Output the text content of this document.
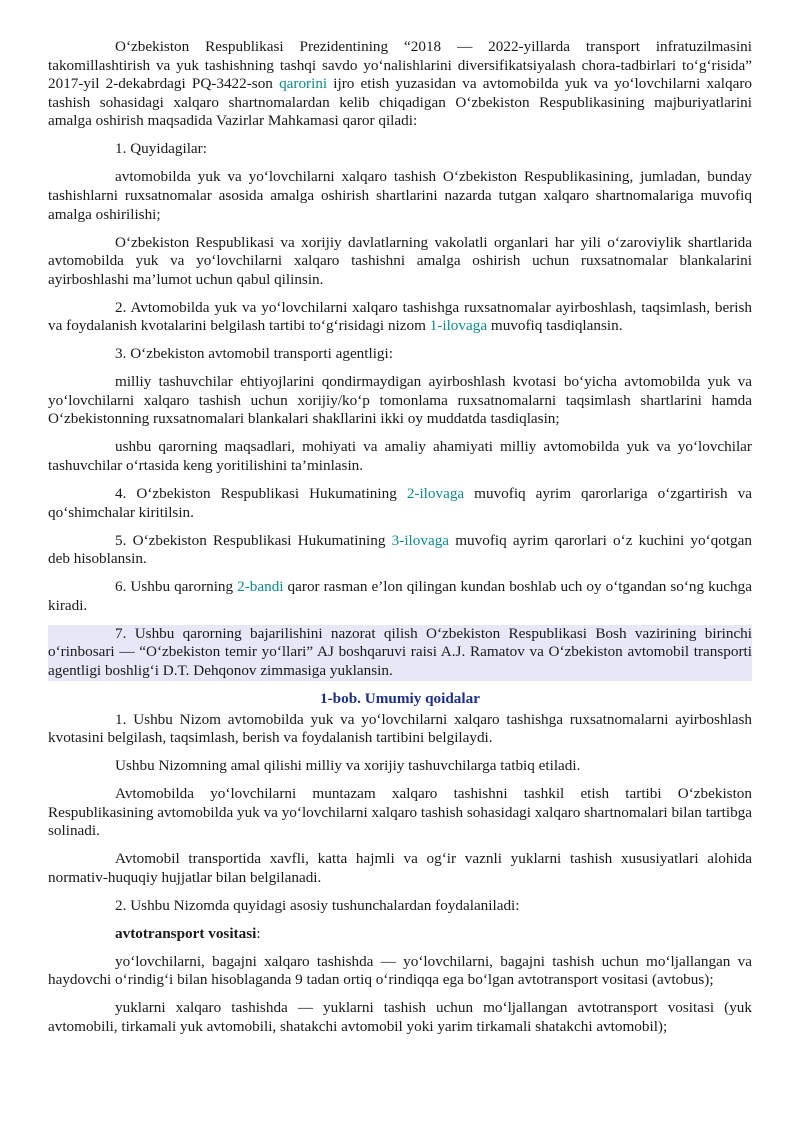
O‘zbekiston Respublikasi Prezidentining “2018 — 2022-yillarda transport infratuzilmasini takomillashtirish va yuk tashishning tashqi savdo yo‘nalishlarini diversifikatsiyalash chora-tadbirlari to‘g‘risida” 2017-yil 2-dekabrdagi PQ-3422-son qarorini ijro etish yuzasidan va avtomobilda yuk va yo‘lovchilarni xalqaro tashish sohasidagi xalqaro shartnomalardan kelib chiqadigan O‘zbekiston Respublikasining majburiyatlarini amalga oshirish maqsadida Vazirlar Mahkamasi qaror qiladi:

1. Quyidagilar:

avtomobilda yuk va yo‘lovchilarni xalqaro tashish O‘zbekiston Respublikasining, jumladan, bunday tashishlarni ruxsatnomalar asosida amalga oshirish shartlarini nazarda tutgan xalqaro shartnomalariga muvofiq amalga oshirilishi;

O‘zbekiston Respublikasi va xorijiy davlatlarning vakolatli organlari har yili o‘zaroviylik shartlarida avtomobilda yuk va yo‘lovchilarni xalqaro tashishni amalga oshirish uchun ruxsatnomalar blankalarini ayirboshlashi ma’lumot uchun qabul qilinsin.

2. Avtomobilda yuk va yo‘lovchilarni xalqaro tashishga ruxsatnomalar ayirboshlash, taqsimlash, berish va foydalanish kvotalarini belgilash tartibi to‘g‘risidagi nizom 1-ilovaga muvofiq tasdiqlansin.

3. O‘zbekiston avtomobil transporti agentligi:

milliy tashuvchilar ehtiyojlarini qondirmaydigan ayirboshlash kvotasi bo‘yicha avtomobilda yuk va yo‘lovchilarni xalqaro tashish uchun xorijiy/ko‘p tomonlama ruxsatnomalarni taqsimlash shartlarini hamda O‘zbekistonning ruxsatnomalari blankalari shakllarini ikki oy muddatda tasdiqlasin;

ushbu qarorning maqsadlari, mohiyati va amaliy ahamiyati milliy avtomobilda yuk va yo‘lovchilar tashuvchilar o‘rtasida keng yoritilishini ta’minlasin.

4. O‘zbekiston Respublikasi Hukumatining 2-ilovaga muvofiq ayrim qarorlariga o‘zgartirish va qo‘shimchalar kiritilsin.

5. O‘zbekiston Respublikasi Hukumatining 3-ilovaga muvofiq ayrim qarorlari o‘z kuchini yo‘qotgan deb hisoblansin.

6. Ushbu qarorning 2-bandi qaror rasman e’lon qilingan kundan boshlab uch oy o‘tgandan so‘ng kuchga kiradi.

7. Ushbu qarorning bajarilishini nazorat qilish O‘zbekiston Respublikasi Bosh vazirining birinchi o‘rinbosari — “O‘zbekiston temir yo‘llari” AJ boshqaruvi raisi A.J. Ramatov va O‘zbekiston avtomobil transporti agentligi boshlig‘i D.T. Dehqonov zimmasiga yuklansin.

1-bob. Umumiy qoidalar

1. Ushbu Nizom avtomobilda yuk va yo‘lovchilarni xalqaro tashishga ruxsatnomalarni ayirboshlash kvotasini belgilash, taqsimlash, berish va foydalanish tartibini belgilaydi.

Ushbu Nizomning amal qilishi milliy va xorijiy tashuvchilarga tatbiq etiladi.

Avtomobilda yo‘lovchilarni muntazam xalqaro tashishni tashkil etish tartibi O‘zbekiston Respublikasining avtomobilda yuk va yo‘lovchilarni xalqaro tashish sohasidagi xalqaro shartnomalari bilan tartibga solinadi.

Avtomobil transportida xavfli, katta hajmli va og‘ir vaznli yuklarni tashish xususiyatlari alohida normativ-huquqiy hujjatlar bilan belgilanadi.

2. Ushbu Nizomda quyidagi asosiy tushunchalardan foydalaniladi:

avtotransport vositasi:

yo‘lovchilarni, bagajni xalqaro tashishda — yo‘lovchilarni, bagajni tashish uchun mo‘ljallangan va haydovchi o‘rindig‘i bilan hisoblaganda 9 tadan ortiq o‘rindiqqa ega bo‘lgan avtotransport vositasi (avtobus);

yuklarni xalqaro tashishda — yuklarni tashish uchun mo‘ljallangan avtotransport vositasi (yuk avtomobili, tirkamali yuk avtomobili, shatakchi avtomobil yoki yarim tirkamali shatakchi avtomobil);
